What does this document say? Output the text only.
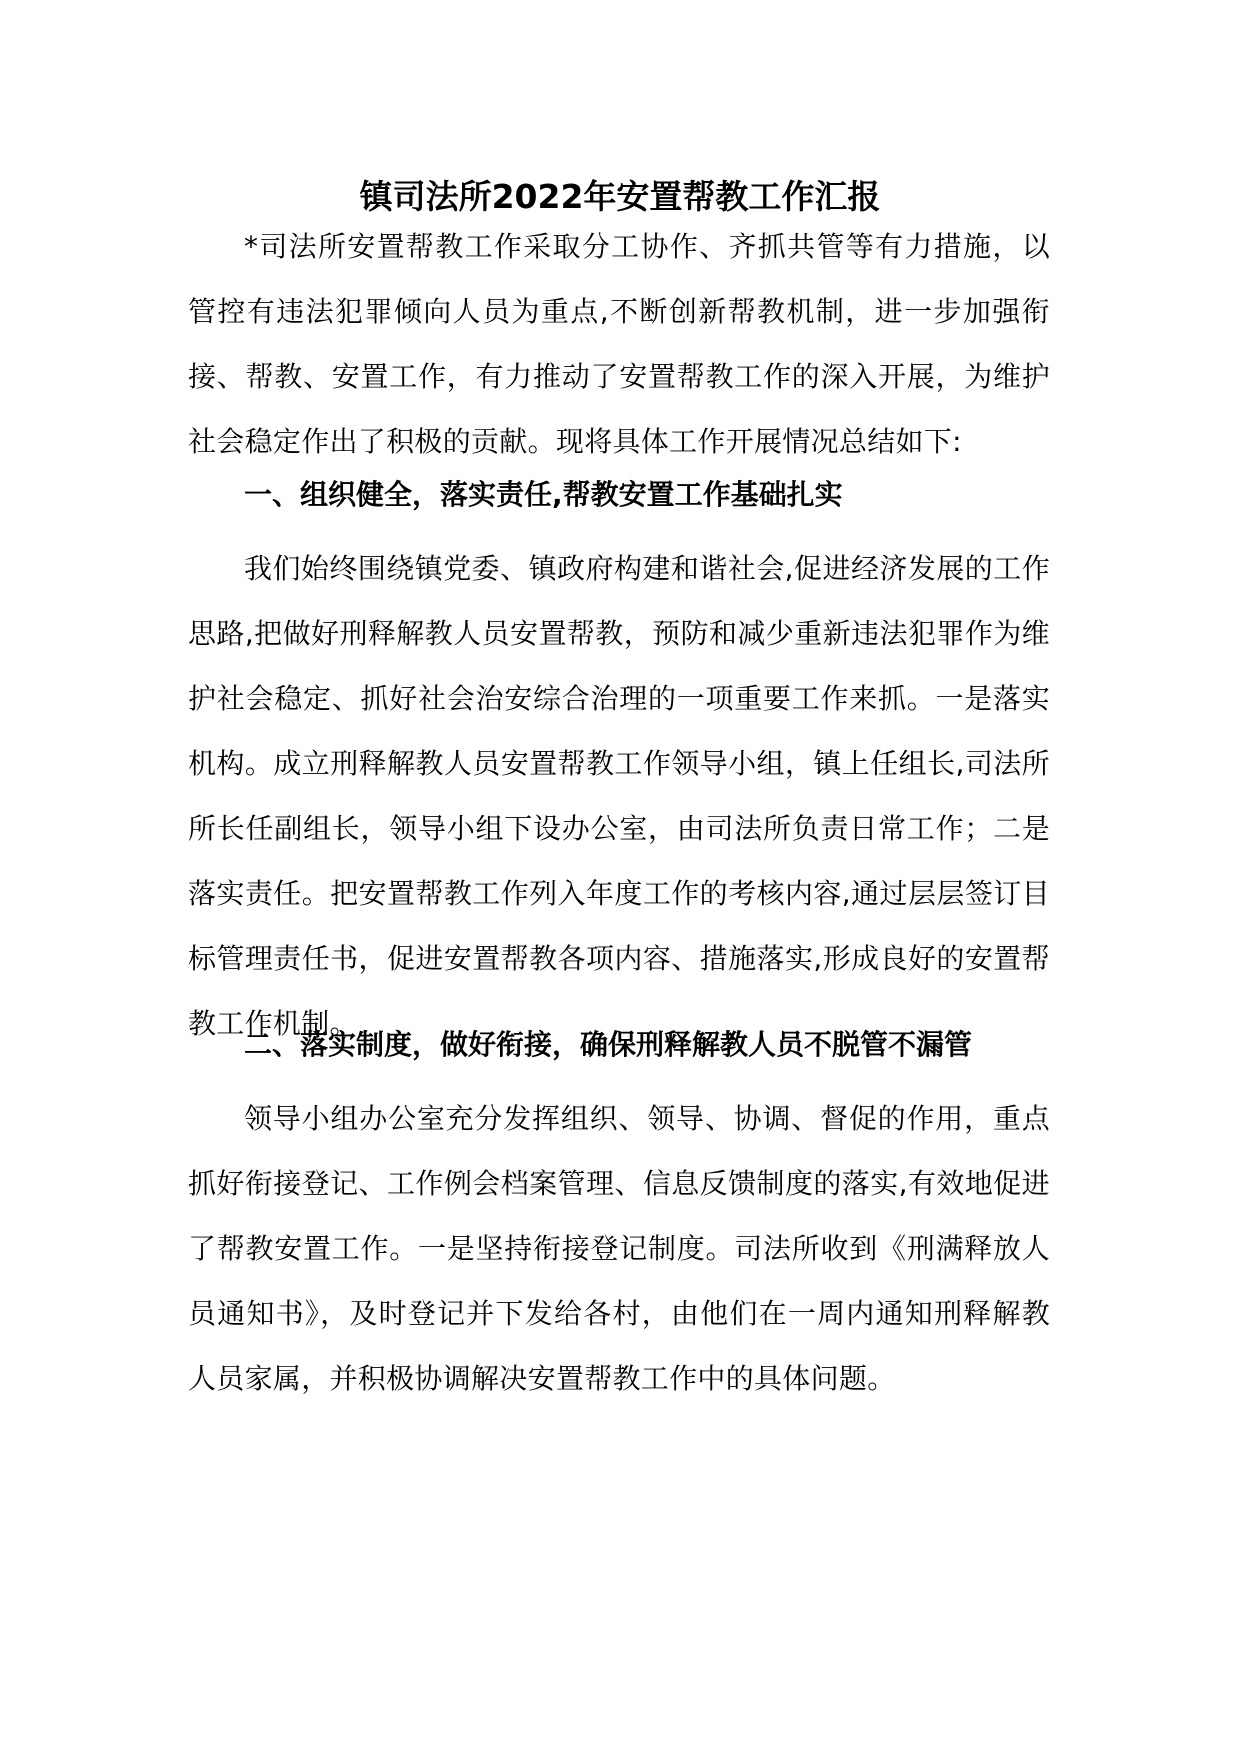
镇司法所2022年安置帮教工作汇报

*司法所安置帮教工作采取分工协作、齐抓共管等有力措施，以管控有违法犯罪倾向人员为重点,不断创新帮教机制，进一步加强衔接、帮教、安置工作，有力推动了安置帮教工作的深入开展，为维护社会稳定作出了积极的贡献。现将具体工作开展情况总结如下:

一、组织健全，落实责任,帮教安置工作基础扎实

我们始终围绕镇党委、镇政府构建和谐社会,促进经济发展的工作思路,把做好刑释解教人员安置帮教，预防和减少重新违法犯罪作为维护社会稳定、抓好社会治安综合治理的一项重要工作来抓。一是落实机构。成立刑释解教人员安置帮教工作领导小组，镇上任组长,司法所所长任副组长，领导小组下设办公室，由司法所负责日常工作；二是落实责任。把安置帮教工作列入年度工作的考核内容,通过层层签订目标管理责任书，促进安置帮教各项内容、措施落实,形成良好的安置帮教工作机制。

二、落实制度，做好衔接，确保刑释解教人员不脱管不漏管

领导小组办公室充分发挥组织、领导、协调、督促的作用，重点抓好衔接登记、工作例会档案管理、信息反馈制度的落实,有效地促进了帮教安置工作。一是坚持衔接登记制度。司法所收到《刑满释放人员通知书》，及时登记并下发给各村，由他们在一周内通知刑释解教人员家属，并积极协调解决安置帮教工作中的具体问题。
